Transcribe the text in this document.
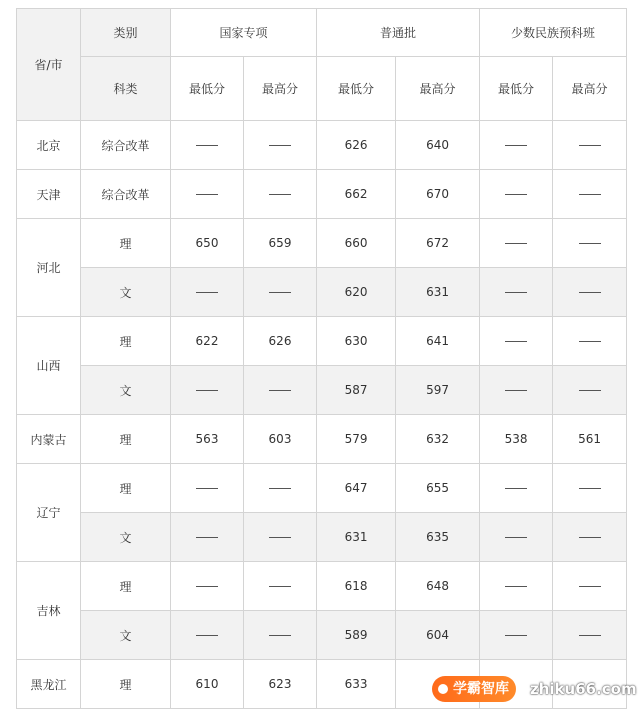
省/市	类别	国家专项		普通批		少数民族预科班	
	科类	最低分	最高分	最低分	最高分	最低分	最高分
北京	综合改革			626	640		
天津	综合改革			662	670		
河北	理	650	659	660	672		
	文			620	631		
山西	理	622	626	630	641		
	文			587	597		
内蒙古	理	563	603	579	632	538	561
辽宁	理			647	655		
	文			631	635		
吉林	理			618	648		
	文			589	604		
黑龙江	理	610	623	633				学霸智库	zhiku66.com
